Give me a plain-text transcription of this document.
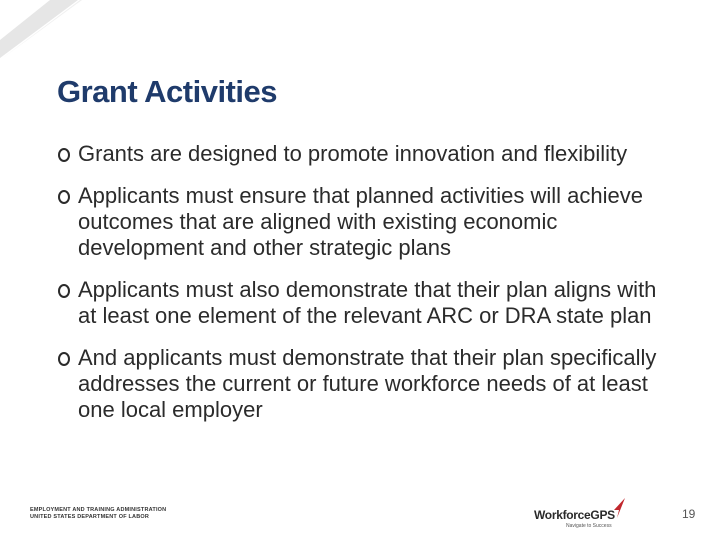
Grant Activities
Grants are designed to promote innovation and flexibility
Applicants must ensure that planned activities will achieve outcomes that are aligned with existing economic development and other strategic plans
Applicants must also demonstrate that their plan aligns with at least one element of the relevant ARC or DRA state plan
And applicants must demonstrate that their plan specifically addresses the current or future workforce needs of at least one local employer
EMPLOYMENT AND TRAINING ADMINISTRATION
UNITED STATES DEPARTMENT OF LABOR	WorkforceGPS
Navigate to Success
19
